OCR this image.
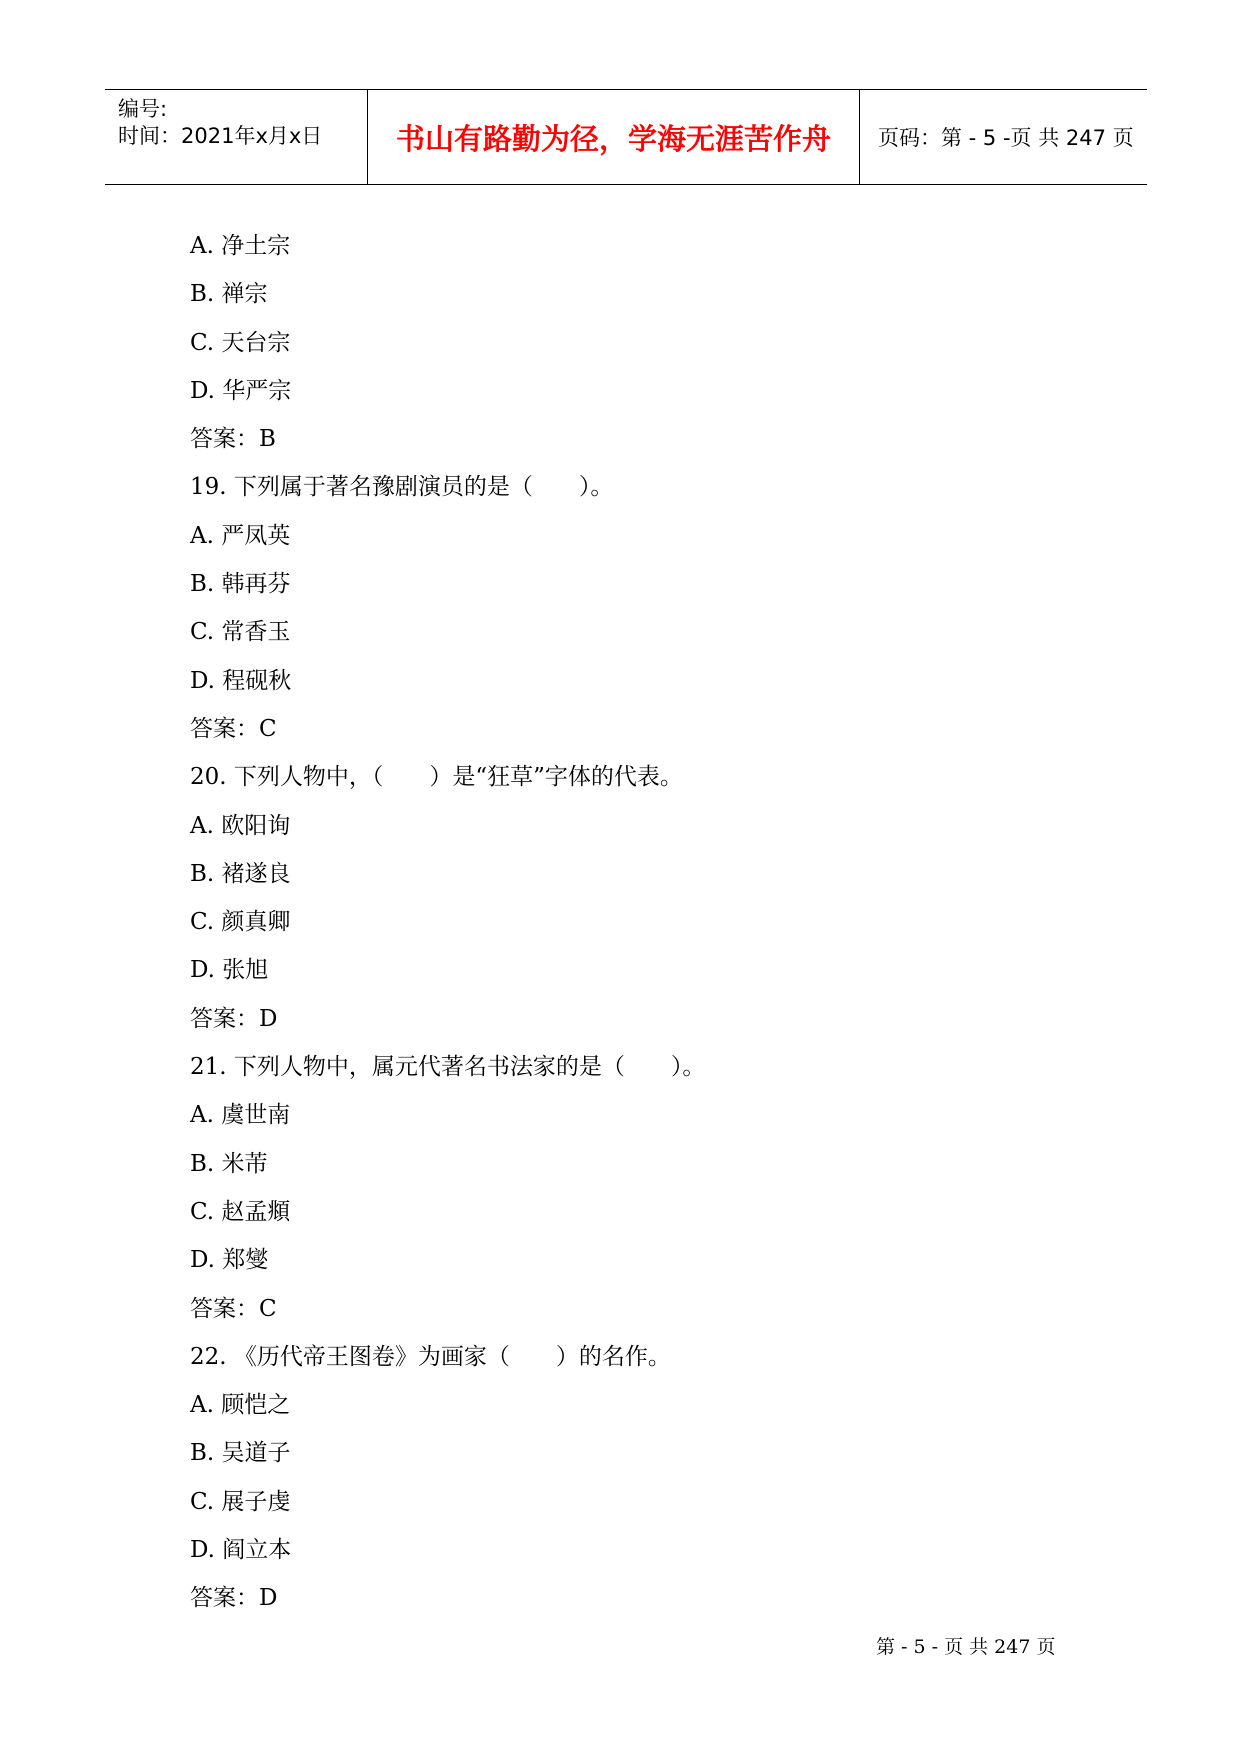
编号:
时间：2021年x月x日	书山有路勤为径，学海无涯苦作舟	页码：第 - 5 -页 共 247 页
A. 净土宗
B. 禅宗
C. 天台宗
D. 华严宗
答案：B
19. 下列属于著名豫剧演员的是（　　）。
A. 严凤英
B. 韩再芬
C. 常香玉
D. 程砚秋
答案：C
20. 下列人物中，（　　）是“狂草”字体的代表。
A. 欧阳询
B. 褚遂良
C. 颜真卿
D. 张旭
答案：D
21. 下列人物中，属元代著名书法家的是（　　）。
A. 虞世南
B. 米芾
C. 赵孟頫
D. 郑燮
答案：C
22. 《历代帝王图卷》为画家（　　）的名作。
A. 顾恺之
B. 吴道子
C. 展子虔
D. 阎立本
答案：D
第 - 5 - 页 共 247 页
